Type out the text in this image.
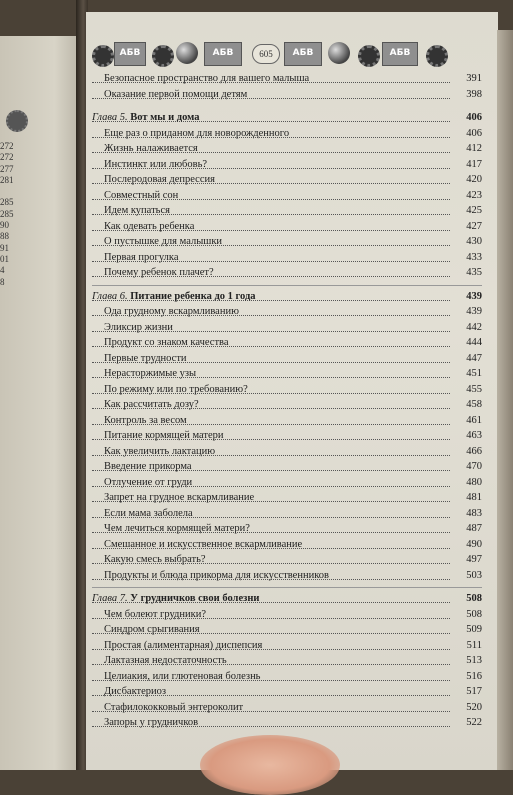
272
272
277
281
285
285
90
88
91
01
4
8
АБВ	АБВ	605	АБВ	АБВ
Безопасное пространство для вашего малыша	391
Оказание первой помощи детям	398
Глава 5. Вот мы и дома	406
Еще раз о приданом для новорожденного	406
Жизнь налаживается	412
Инстинкт или любовь?	417
Послеродовая депрессия	420
Совместный сон	423
Идем купаться	425
Как одевать ребенка	427
О пустышке для малышки	430
Первая прогулка	433
Почему ребенок плачет?	435
Глава 6. Питание ребенка до 1 года	439
Ода грудному вскармливанию	439
Эликсир жизни	442
Продукт со знаком качества	444
Первые трудности	447
Нерасторжимые узы	451
По режиму или по требованию?	455
Как рассчитать дозу?	458
Контроль за весом	461
Питание кормящей матери	463
Как увеличить лактацию	466
Введение прикорма	470
Отлучение от груди	480
Запрет на грудное вскармливание	481
Если мама заболела	483
Чем лечиться кормящей матери?	487
Смешанное и искусственное вскармливание	490
Какую смесь выбрать?	497
Продукты и блюда прикорма для искусственников	503
Глава 7. У грудничков свои болезни	508
Чем болеют грудники?	508
Синдром срыгивания	509
Простая (алиментарная) диспепсия	511
Лактазная недостаточность	513
Целиакия, или глютеновая болезнь	516
Дисбактериоз	517
Стафилококковый энтероколит	520
Запоры у грудничков	522
